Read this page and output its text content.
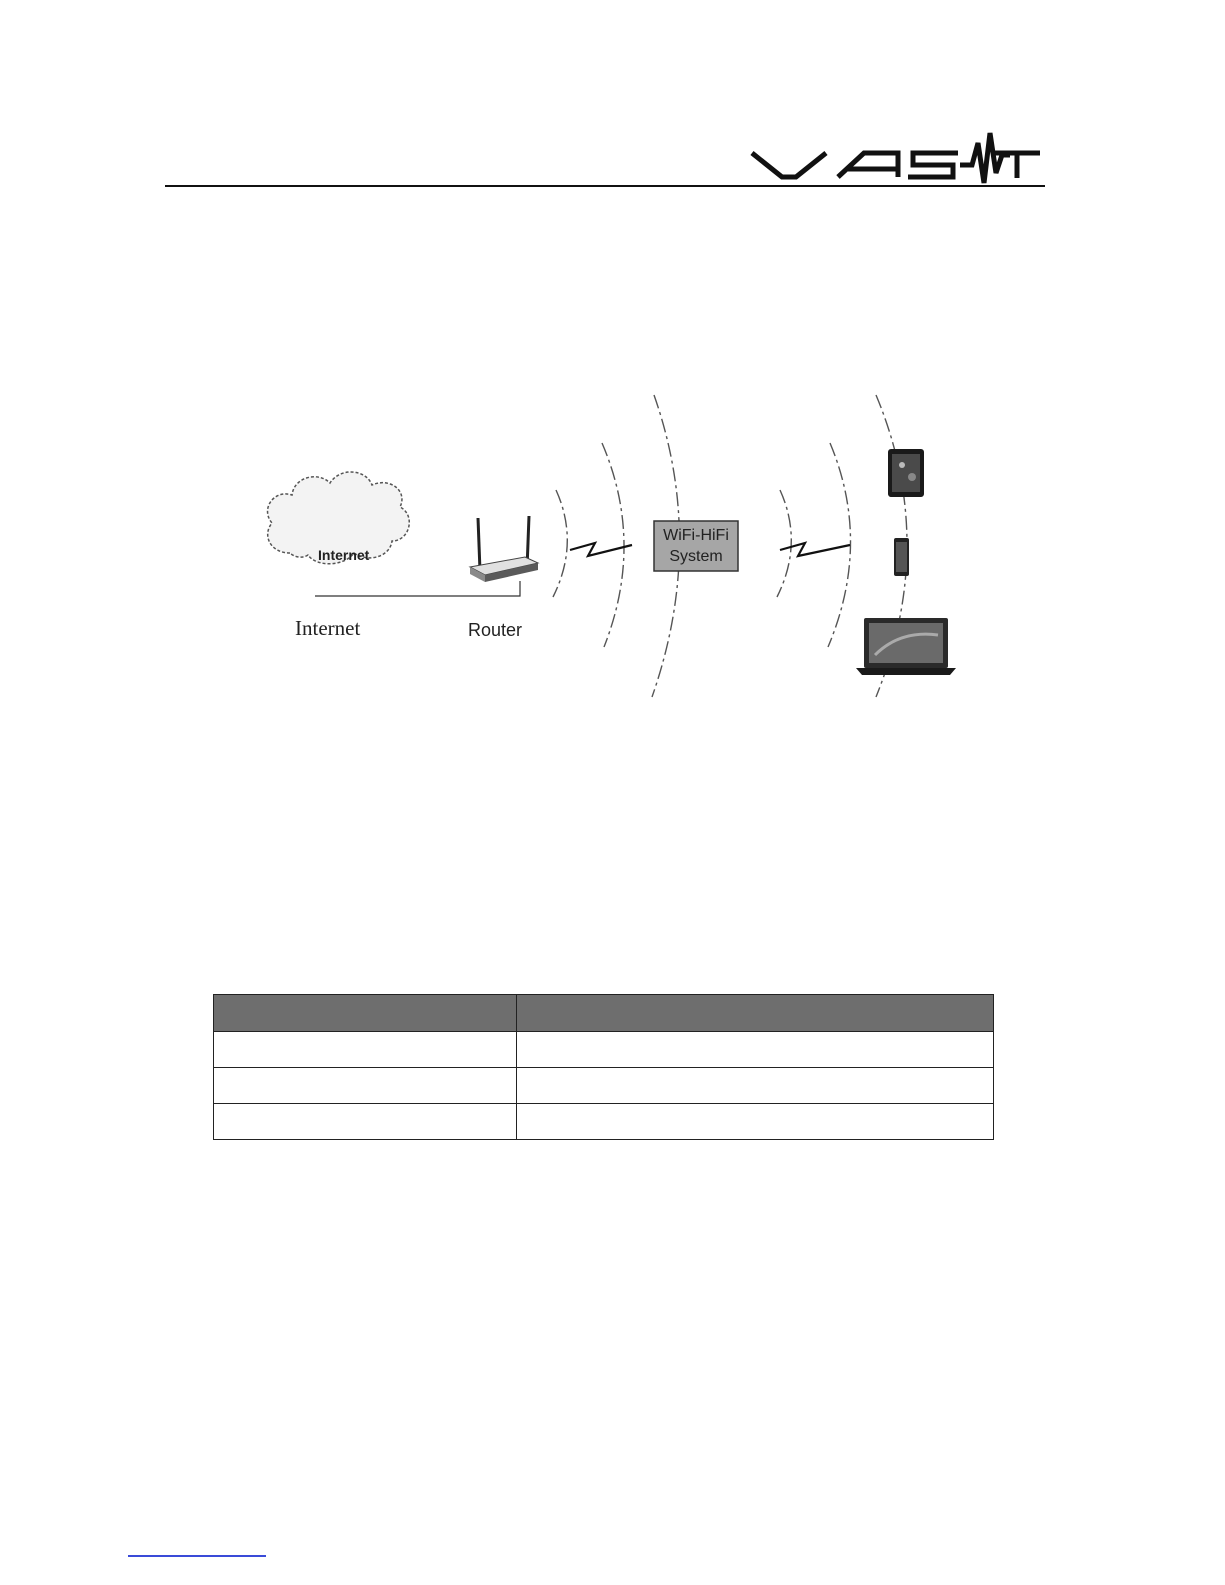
Internet
Internet	Router
WiFi-HiFi
System
